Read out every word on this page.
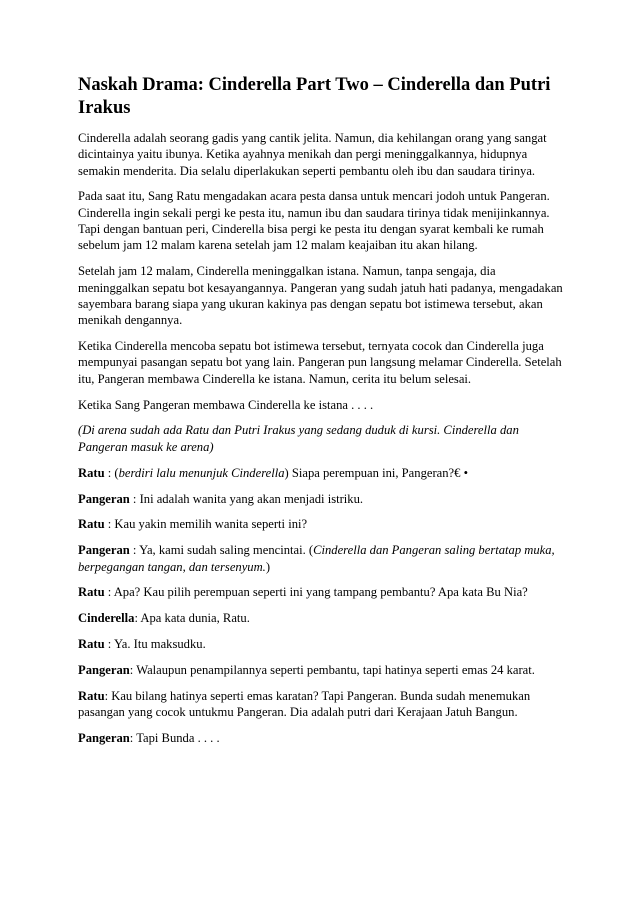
Naskah Drama: Cinderella Part Two – Cinderella dan Putri Irakus

Cinderella adalah seorang gadis yang cantik jelita. Namun, dia kehilangan orang yang sangat dicintainya yaitu ibunya. Ketika ayahnya menikah dan pergi meninggalkannya, hidupnya semakin menderita. Dia selalu diperlakukan seperti pembantu oleh ibu dan saudara tirinya.

Pada saat itu, Sang Ratu mengadakan acara pesta dansa untuk mencari jodoh untuk Pangeran. Cinderella ingin sekali pergi ke pesta itu, namun ibu dan saudara tirinya tidak menijinkannya. Tapi dengan bantuan peri, Cinderella bisa pergi ke pesta itu dengan syarat kembali ke rumah sebelum jam 12 malam karena setelah jam 12 malam keajaiban itu akan hilang.

Setelah jam 12 malam, Cinderella meninggalkan istana. Namun, tanpa sengaja, dia meninggalkan sepatu bot kesayangannya. Pangeran yang sudah jatuh hati padanya, mengadakan sayembara barang siapa yang ukuran kakinya pas dengan sepatu bot istimewa tersebut, akan menikah dengannya.

Ketika Cinderella mencoba sepatu bot istimewa tersebut, ternyata cocok dan Cinderella juga mempunyai pasangan sepatu bot yang lain. Pangeran pun langsung melamar Cinderella. Setelah itu, Pangeran membawa Cinderella ke istana. Namun, cerita itu belum selesai.

Ketika Sang Pangeran membawa Cinderella ke istana . . . .

(Di arena sudah ada Ratu dan Putri Irakus yang sedang duduk di kursi. Cinderella dan Pangeran masuk ke arena)

Ratu : (berdiri lalu menunjuk Cinderella) Siapa perempuan ini, Pangeran?€ •

Pangeran : Ini adalah wanita yang akan menjadi istriku.

Ratu : Kau yakin memilih wanita seperti ini?

Pangeran : Ya, kami sudah saling mencintai. (Cinderella dan Pangeran saling bertatap muka, berpegangan tangan, dan tersenyum.)

Ratu : Apa? Kau pilih perempuan seperti ini yang tampang pembantu? Apa kata Bu Nia?

Cinderella: Apa kata dunia, Ratu.

Ratu : Ya. Itu maksudku.

Pangeran: Walaupun penampilannya seperti pembantu, tapi hatinya seperti emas 24 karat.

Ratu: Kau bilang hatinya seperti emas karatan? Tapi Pangeran. Bunda sudah menemukan pasangan yang cocok untukmu Pangeran. Dia adalah putri dari Kerajaan Jatuh Bangun.

Pangeran: Tapi Bunda . . . .
